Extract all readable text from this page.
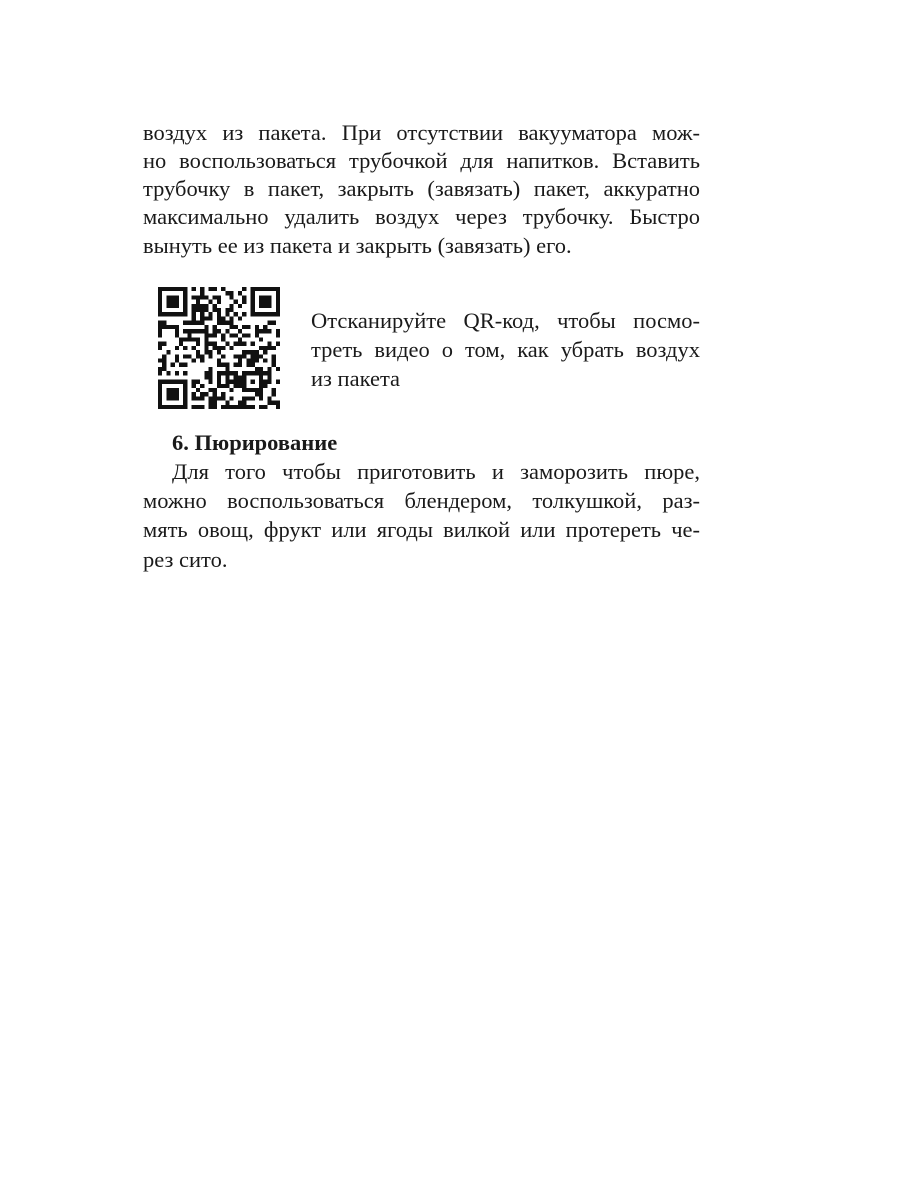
воздух из пакета. При отсутствии вакууматора мож-
но воспользоваться трубочкой для напитков. Вставить
трубочку в пакет, закрыть (завязать) пакет, аккуратно
максимально удалить воздух через трубочку. Быстро
вынуть ее из пакета и закрыть (завязать) его.
Отсканируйте QR-код, чтобы посмо-
треть видео о том, как убрать воздух
из пакета
6. Пюрирование
Для того чтобы приготовить и заморозить пюре,
можно воспользоваться блендером, толкушкой, раз-
мять овощ, фрукт или ягоды вилкой или протереть че-
рез сито.
